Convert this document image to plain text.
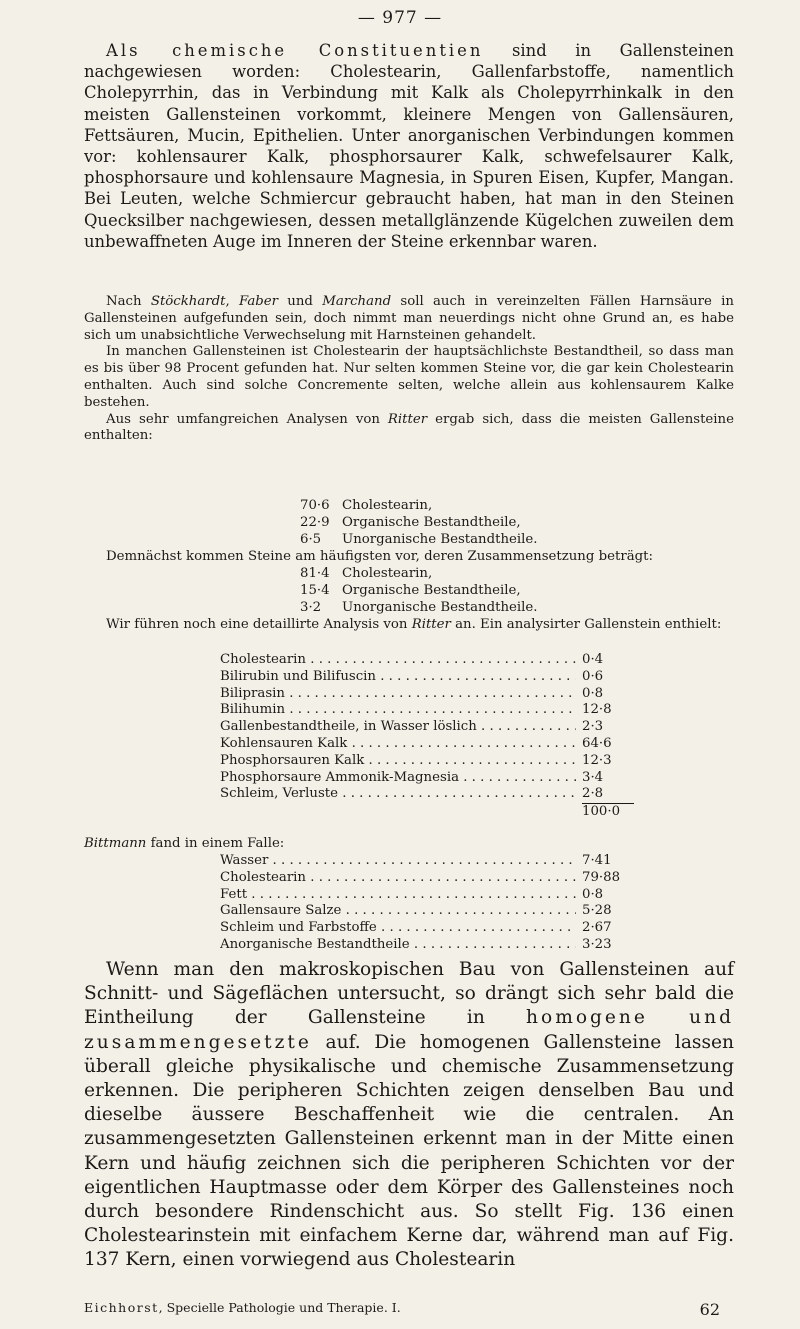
— 977 —

Als chemische Constituentien sind in Gallensteinen nachgewiesen worden: Cholestearin, Gallenfarbstoffe, namentlich Cholepyrrhin, das in Verbindung mit Kalk als Cholepyrrhinkalk in den meisten Gallensteinen vorkommt, kleinere Mengen von Gallensäuren, Fettsäuren, Mucin, Epithelien. Unter anorganischen Verbindungen kommen vor: kohlensaurer Kalk, phosphorsaurer Kalk, schwefelsaurer Kalk, phosphorsaure und kohlensaure Magnesia, in Spuren Eisen, Kupfer, Mangan. Bei Leuten, welche Schmiercur gebraucht haben, hat man in den Steinen Quecksilber nachgewiesen, dessen metallglänzende Kügelchen zuweilen dem unbewaffneten Auge im Inneren der Steine erkennbar waren.

Nach Stöckhardt, Faber und Marchand soll auch in vereinzelten Fällen Harnsäure in Gallensteinen aufgefunden sein, doch nimmt man neuerdings nicht ohne Grund an, es habe sich um unabsichtliche Verwechselung mit Harnsteinen gehandelt.

In manchen Gallensteinen ist Cholestearin der hauptsächlichste Bestandtheil, so dass man es bis über 98 Procent gefunden hat. Nur selten kommen Steine vor, die gar kein Cholestearin enthalten. Auch sind solche Concremente selten, welche allein aus kohlensaurem Kalke bestehen.

Aus sehr umfangreichen Analysen von Ritter ergab sich, dass die meisten Gallensteine enthalten:

70·6 Cholestearin,
22·9 Organische Bestandtheile,
6·5	Unorganische Bestandtheile.

Demnächst kommen Steine am häufigsten vor, deren Zusammensetzung beträgt:

81·4 Cholestearin,
15·4 Organische Bestandtheile,
3·2	Unorganische Bestandtheile.

Wir führen noch eine detaillirte Analysis von Ritter an. Ein analysirter Gallenstein enthielt:

Cholestearin . . .	0·4
Bilirubin und Bilifuscin . . .	0·6
Biliprasin . . .	0·8
Bilihumin . . .	12·8
Gallenbestandtheile, in Wasser löslich . . .	2·3
Kohlensauren Kalk . . .	64·6
Phosphorsauren Kalk . . .	12·3
Phosphorsaure Ammonik-Magnesia . . .	3·4
Schleim, Verluste . . .	2·8
100·0

Bittmann fand in einem Falle:

Wasser . . .	7·41
Cholestearin . . .	79·88
Fett . . .	0·8
Gallensaure Salze . . .	5·28
Schleim und Farbstoffe . . .	2·67
Anorganische Bestandtheile . . .	3·23

Wenn man den makroskopischen Bau von Gallensteinen auf Schnitt- und Sägeflächen untersucht, so drängt sich sehr bald die Eintheilung der Gallensteine in homogene und zusammengesetzte auf. Die homogenen Gallensteine lassen überall gleiche physikalische und chemische Zusammensetzung erkennen. Die peripheren Schichten zeigen denselben Bau und dieselbe äussere Beschaffenheit wie die centralen. An zusammengesetzten Gallensteinen erkennt man in der Mitte einen Kern und häufig zeichnen sich die peripheren Schichten vor der eigentlichen Hauptmasse oder dem Körper des Gallensteines noch durch besondere Rindenschicht aus. So stellt Fig. 136 einen Cholestearinstein mit einfachem Kerne dar, während man auf Fig. 137 Kern, einen vorwiegend aus Cholestearin

Eichhorst, Specielle Pathologie und Therapie. I.	62
